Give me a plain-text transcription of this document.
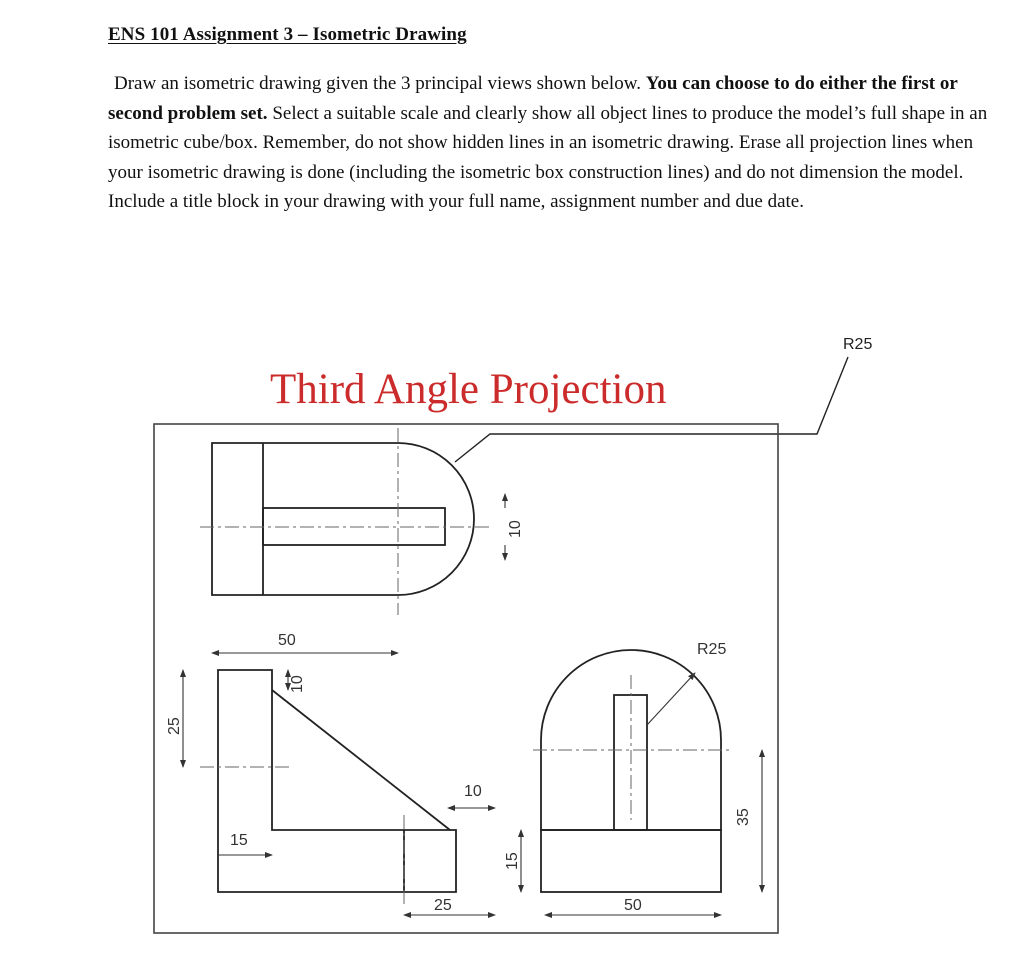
ENS 101 Assignment 3 – Isometric Drawing

Draw an isometric drawing given the 3 principal views shown below. You can choose to do either the first or second problem set. Select a suitable scale and clearly show all object lines to produce the model’s full shape in an isometric cube/box. Remember, do not show hidden lines in an isometric drawing. Erase all projection lines when your isometric drawing is done (including the isometric box construction lines) and do not dimension the model. Include a title block in your drawing with your full name, assignment number and due date.

R25
Third Angle Projection
50
10
10
25
10
15
25
15
R25
50
35
